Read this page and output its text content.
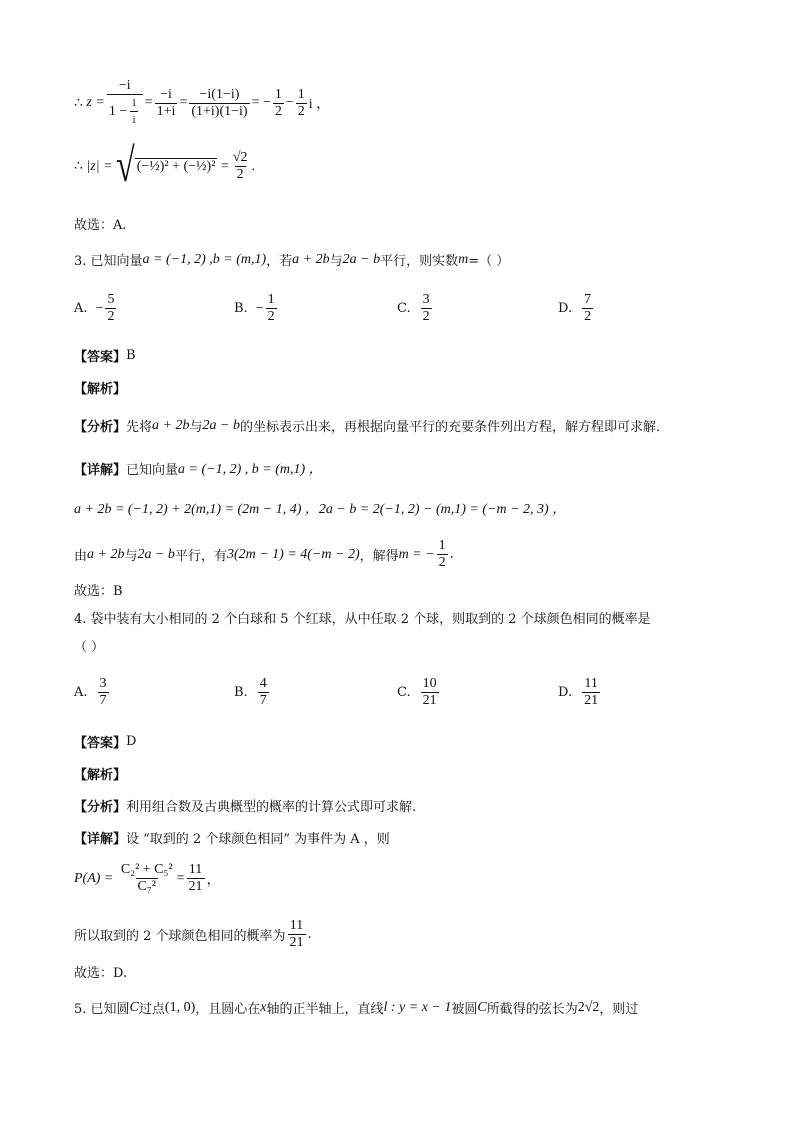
∴
$z = \frac{-i}{1 - \frac{1}{i}} = \frac{-i}{1+i} = \frac{-i(1-i)}{(1+i)(1-i)}$ = − $\frac{1}{2} - \frac{1}{2}$ i ，
∴
|z| =
√ (−½)² + (−½)²
= $\frac{√2}{2}$ .
故选：A.
3. 已知向量 a = (−1, 2) , b = (m,1) ，若 a + 2b 与 2a − b 平行，则实数 m =（ ）
A. − $\frac{5}{2}$	B. − $\frac{1}{2}$	C. $\frac{3}{2}$	D. $\frac{7}{2}$
【答案】 B
【解析】
【分析】 先将 a + 2b 与 2a − b 的坐标表示出来，再根据向量平行的充要条件列出方程，解方程即可求解．
【详解】 已知向量 a = (−1, 2) , b = (m,1) ，
a + 2b = (−1, 2) + 2(m,1) = (2m − 1, 4) ，2a − b = 2(−1, 2) − (m,1) = (−m − 2, 3) ，
由 a + 2b 与 2a − b 平行，有 3(2m − 1) = 4(−m − 2) ，解得 m = − $\frac{1}{2}$ .
故选：B
4. 袋中装有大小相同的 2 个白球和 5 个红球，从中任取 2 个球，则取到的 2 个球颜色相同的概率是
（ ）
A. $\frac{3}{7}$	B. $\frac{4}{7}$	C. $\frac{10}{21}$	D. $\frac{11}{21}$
【答案】 D
【解析】
【分析】 利用组合数及古典概型的概率的计算公式即可求解.
【详解】 设 “取到的 2 个球颜色相同” 为事件为 A ，则
P(A) =
$\frac{\text{C₂² + C₅²}}{\text{C₇²}} = \frac{11}{21}$ ，
所以取到的 2 个球颜色相同的概率为 $\frac{11}{21}$ .
故选：D.
5. 已知圆 C 过点 (1, 0) ，且圆心在 x 轴的正半轴上，直线 l : y = x − 1 被圆 C 所截得的弦长为 2√2 ，则过
